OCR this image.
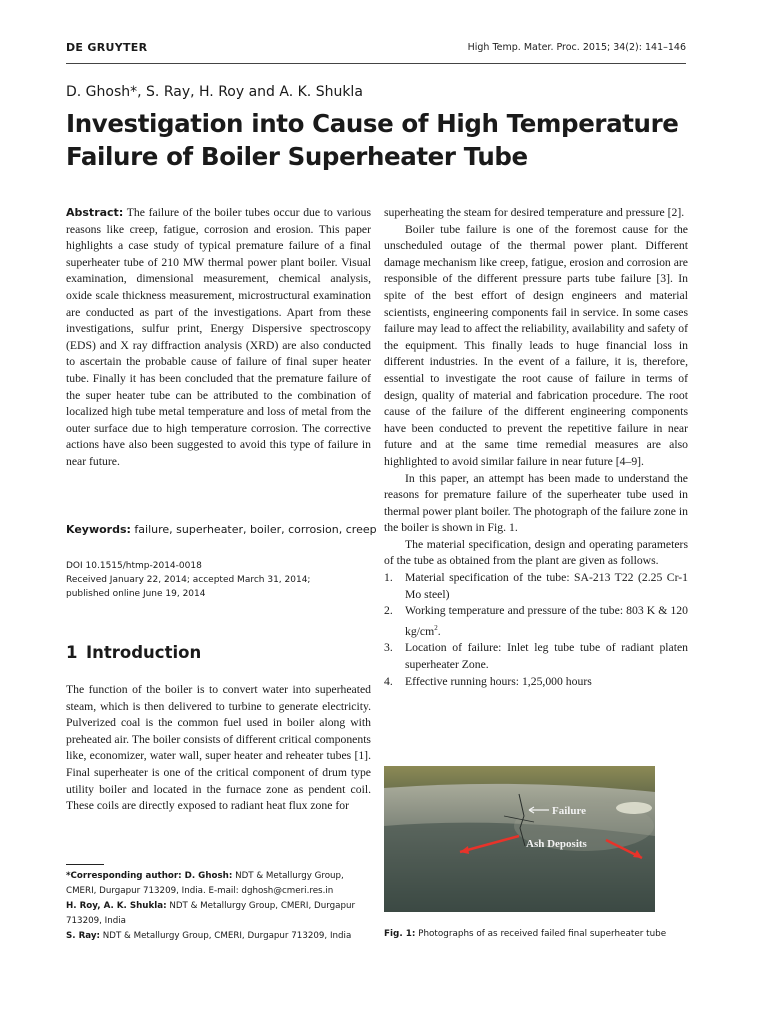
DE GRUYTER	High Temp. Mater. Proc. 2015; 34(2): 141–146
D. Ghosh*, S. Ray, H. Roy and A. K. Shukla
Investigation into Cause of High Temperature
Failure of Boiler Superheater Tube

Abstract: The failure of the boiler tubes occur due to various reasons like creep, fatigue, corrosion and erosion. This paper highlights a case study of typical premature failure of a final superheater tube of 210 MW thermal power plant boiler. Visual examination, dimensional measurement, chemical analysis, oxide scale thickness measurement, microstructural examination are conducted as part of the investigations. Apart from these investigations, sulfur print, Energy Dispersive spectroscopy (EDS) and X ray diffraction analysis (XRD) are also conducted to ascertain the probable cause of failure of final super heater tube. Finally it has been concluded that the premature failure of the super heater tube can be attributed to the combination of localized high tube metal temperature and loss of metal from the outer surface due to high temperature corrosion. The corrective actions have also been suggested to avoid this type of failure in near future.

Keywords: failure, superheater, boiler, corrosion, creep
DOI 10.1515/htmp-2014-0018
Received January 22, 2014; accepted March 31, 2014;
published online June 19, 2014
1 Introduction
The function of the boiler is to convert water into superheated steam, which is then delivered to turbine to generate electricity. Pulverized coal is the common fuel used in boiler along with preheated air. The boiler consists of different critical components like, economizer, water wall, super heater and reheater tubes [1]. Final superheater is one of the critical component of drum type utility boiler and located in the furnace zone as pendent coil. These coils are directly exposed to radiant heat flux zone for
*Corresponding author: D. Ghosh: NDT & Metallurgy Group, CMERI, Durgapur 713209, India. E-mail: dghosh@cmeri.res.in
H. Roy, A. K. Shukla: NDT & Metallurgy Group, CMERI, Durgapur 713209, India
S. Ray: NDT & Metallurgy Group, CMERI, Durgapur 713209, India

superheating the steam for desired temperature and pressure [2].

Boiler tube failure is one of the foremost cause for the unscheduled outage of the thermal power plant. Different damage mechanism like creep, fatigue, erosion and corrosion are responsible of the different pressure parts tube failure [3]. In spite of the best effort of design engineers and material scientists, engineering components fail in service. In some cases failure may lead to affect the reliability, availability and safety of the equipment. This finally leads to huge financial loss in different industries. In the event of a failure, it is, therefore, essential to investigate the root cause of failure in terms of design, quality of material and fabrication procedure. The root cause of the failure of the different engineering components have been conducted to prevent the repetitive failure in near future and at the same time remedial measures are also highlighted to avoid similar failure in near future [4–9].

In this paper, an attempt has been made to understand the reasons for premature failure of the superheater tube used in thermal power plant boiler. The photograph of the failure zone in the boiler is shown in Fig. 1.

The material specification, design and operating parameters of the tube as obtained from the plant are given as follows.

1. Material specification of the tube: SA-213 T22 (2.25 Cr-1 Mo steel)
2. Working temperature and pressure of the tube: 803 K & 120 $kg/cm^2$.
3. Location of failure: Inlet leg tube tube of radiant platen superheater Zone.
4. Effective running hours: 1,25,000 hours
Failure
Ash Deposits
Fig. 1: Photographs of as received failed final superheater tube
